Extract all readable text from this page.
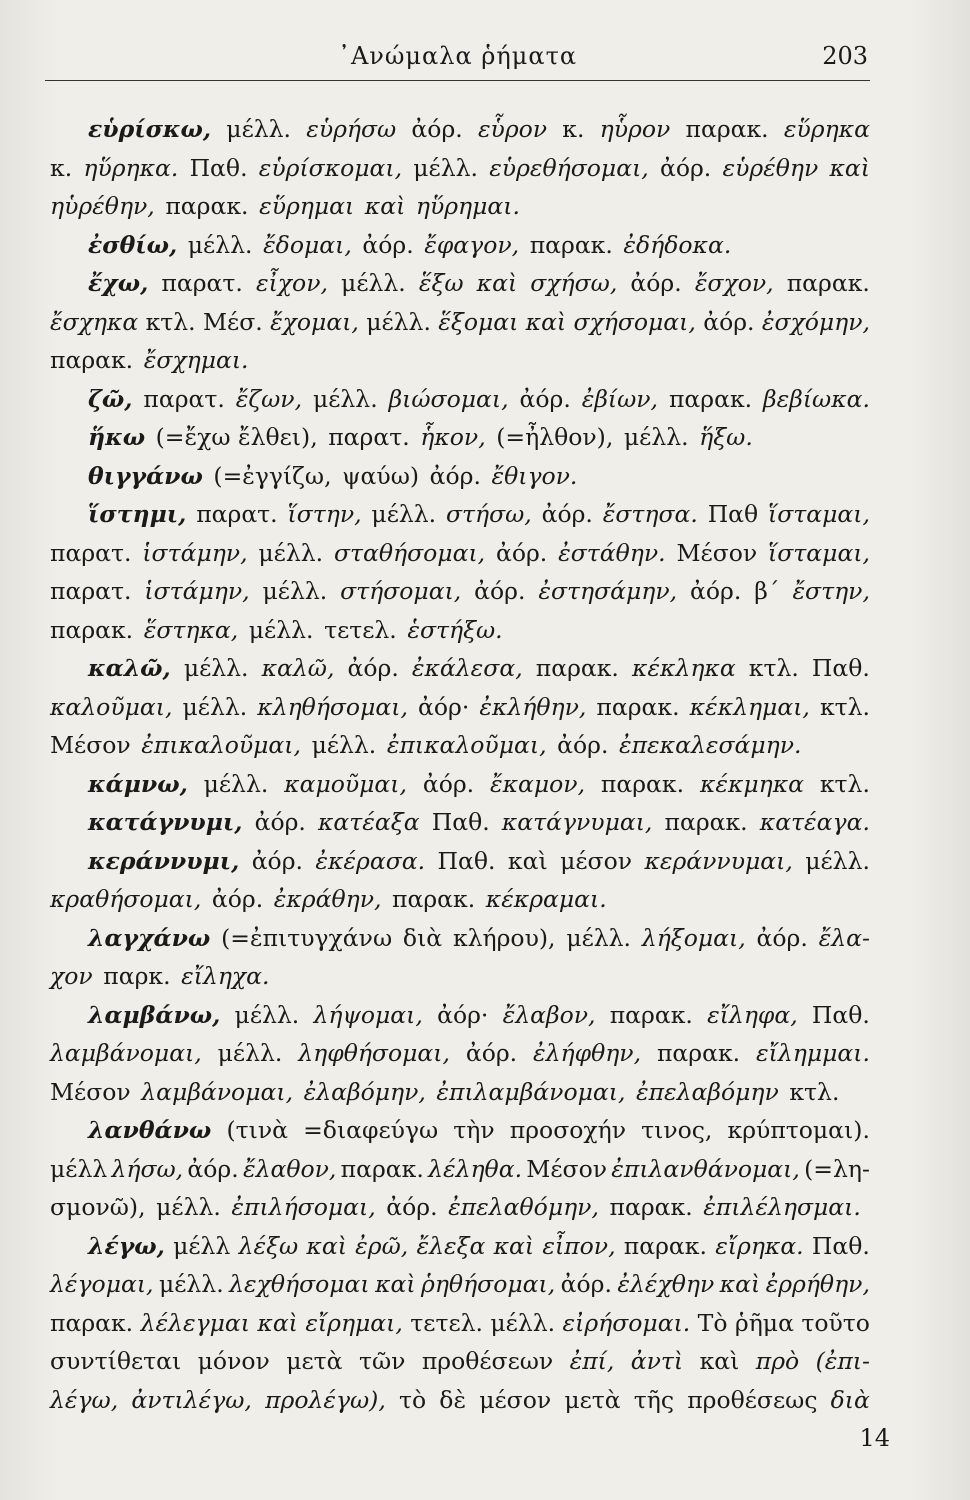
᾿Ανώμαλα ῥήματα	203
εὑρίσκω, μέλλ. εὑρήσω ἀόρ. εὗρον κ. ηὗρον παρακ. εὕρηκα
κ. ηὕρηκα. Παθ. εὑρίσκομαι, μέλλ. εὑρεθήσομαι, ἀόρ. εὑρέθην καὶ
ηὑρέθην, παρακ. εὕρημαι καὶ ηὕρημαι.
ἐσθίω, μέλλ. ἔδομαι, ἀόρ. ἔφαγον, παρακ. ἐδήδοκα.
ἔχω, παρατ. εἶχον, μέλλ. ἕξω καὶ σχήσω, ἀόρ. ἔσχον, παρακ.
ἔσχηκα κτλ. Μέσ. ἔχομαι, μέλλ. ἕξομαι καὶ σχήσομαι, ἀόρ. ἐσχόμην,
παρακ. ἔσχημαι.
ζῶ, παρατ. ἔζων, μέλλ. βιώσομαι, ἀόρ. ἐβίων, παρακ. βεβίωκα.
ἥκω (=ἔχω ἔλθει), παρατ. ἧκον, (=ἦλθον), μέλλ. ἥξω.
θιγγάνω (=ἐγγίζω, ψαύω) ἀόρ. ἔθιγον.
ἵστημι, παρατ. ἵστην, μέλλ. στήσω, ἀόρ. ἔστησα. Παθ ἵσταμαι,
παρατ. ἱστάμην, μέλλ. σταθήσομαι, ἀόρ. ἐστάθην. Μέσον ἵσταμαι,
παρατ. ἱστάμην, μέλλ. στήσομαι, ἀόρ. ἐστησάμην, ἀόρ. β΄ ἔστην,
παρακ. ἕστηκα, μέλλ. τετελ. ἑστήξω.
καλῶ, μέλλ. καλῶ, ἀόρ. ἐκάλεσα, παρακ. κέκληκα κτλ. Παθ.
καλοῦμαι, μέλλ. κληθήσομαι, ἀόρ· ἐκλήθην, παρακ. κέκλημαι, κτλ.
Μέσον ἐπικαλοῦμαι, μέλλ. ἐπικαλοῦμαι, ἀόρ. ἐπεκαλεσάμην.
κάμνω, μέλλ. καμοῦμαι, ἀόρ. ἔκαμον, παρακ. κέκμηκα κτλ.
κατάγνυμι, ἀόρ. κατέαξα Παθ. κατάγνυμαι, παρακ. κατέαγα.
κεράννυμι, ἀόρ. ἐκέρασα. Παθ. καὶ μέσον κεράννυμαι, μέλλ.
κραθήσομαι, ἀόρ. ἐκράθην, παρακ. κέκραμαι.
λαγχάνω (=ἐπιτυγχάνω διὰ κλήρου), μέλλ. λήξομαι, ἀόρ. ἔλα-
χον παρκ. εἴληχα.
λαμβάνω, μέλλ. λήψομαι, ἀόρ· ἔλαβον, παρακ. εἴληφα, Παθ.
λαμβάνομαι, μέλλ. ληφθήσομαι, ἀόρ. ἐλήφθην, παρακ. εἴλημμαι.
Μέσον λαμβάνομαι, ἐλαβόμην, ἐπιλαμβάνομαι, ἐπελαβόμην κτλ.
λανθάνω (τινὰ =διαφεύγω τὴν προσοχήν τινος, κρύπτομαι).
μέλλ λήσω, ἀόρ. ἔλαθον, παρακ. λέληθα. Μέσον ἐπιλανθάνομαι, (=λη-
σμονῶ), μέλλ. ἐπιλήσομαι, ἀόρ. ἐπελαθόμην, παρακ. ἐπιλέλησμαι.
λέγω, μέλλ λέξω καὶ ἐρῶ, ἔλεξα καὶ εἶπον, παρακ. εἴρηκα. Παθ.
λέγομαι, μέλλ. λεχθήσομαι καὶ ῥηθήσομαι, ἀόρ. ἐλέχθην καὶ ἐρρήθην,
παρακ. λέλεγμαι καὶ εἴρημαι, τετελ. μέλλ. εἰρήσομαι. Τὸ ῥῆμα τοῦτο
συντίθεται μόνον μετὰ τῶν προθέσεων ἐπί, ἀντὶ καὶ πρὸ (ἐπι-
λέγω, ἀντιλέγω, προλέγω), τὸ δὲ μέσον μετὰ τῆς προθέσεως διὰ
14
